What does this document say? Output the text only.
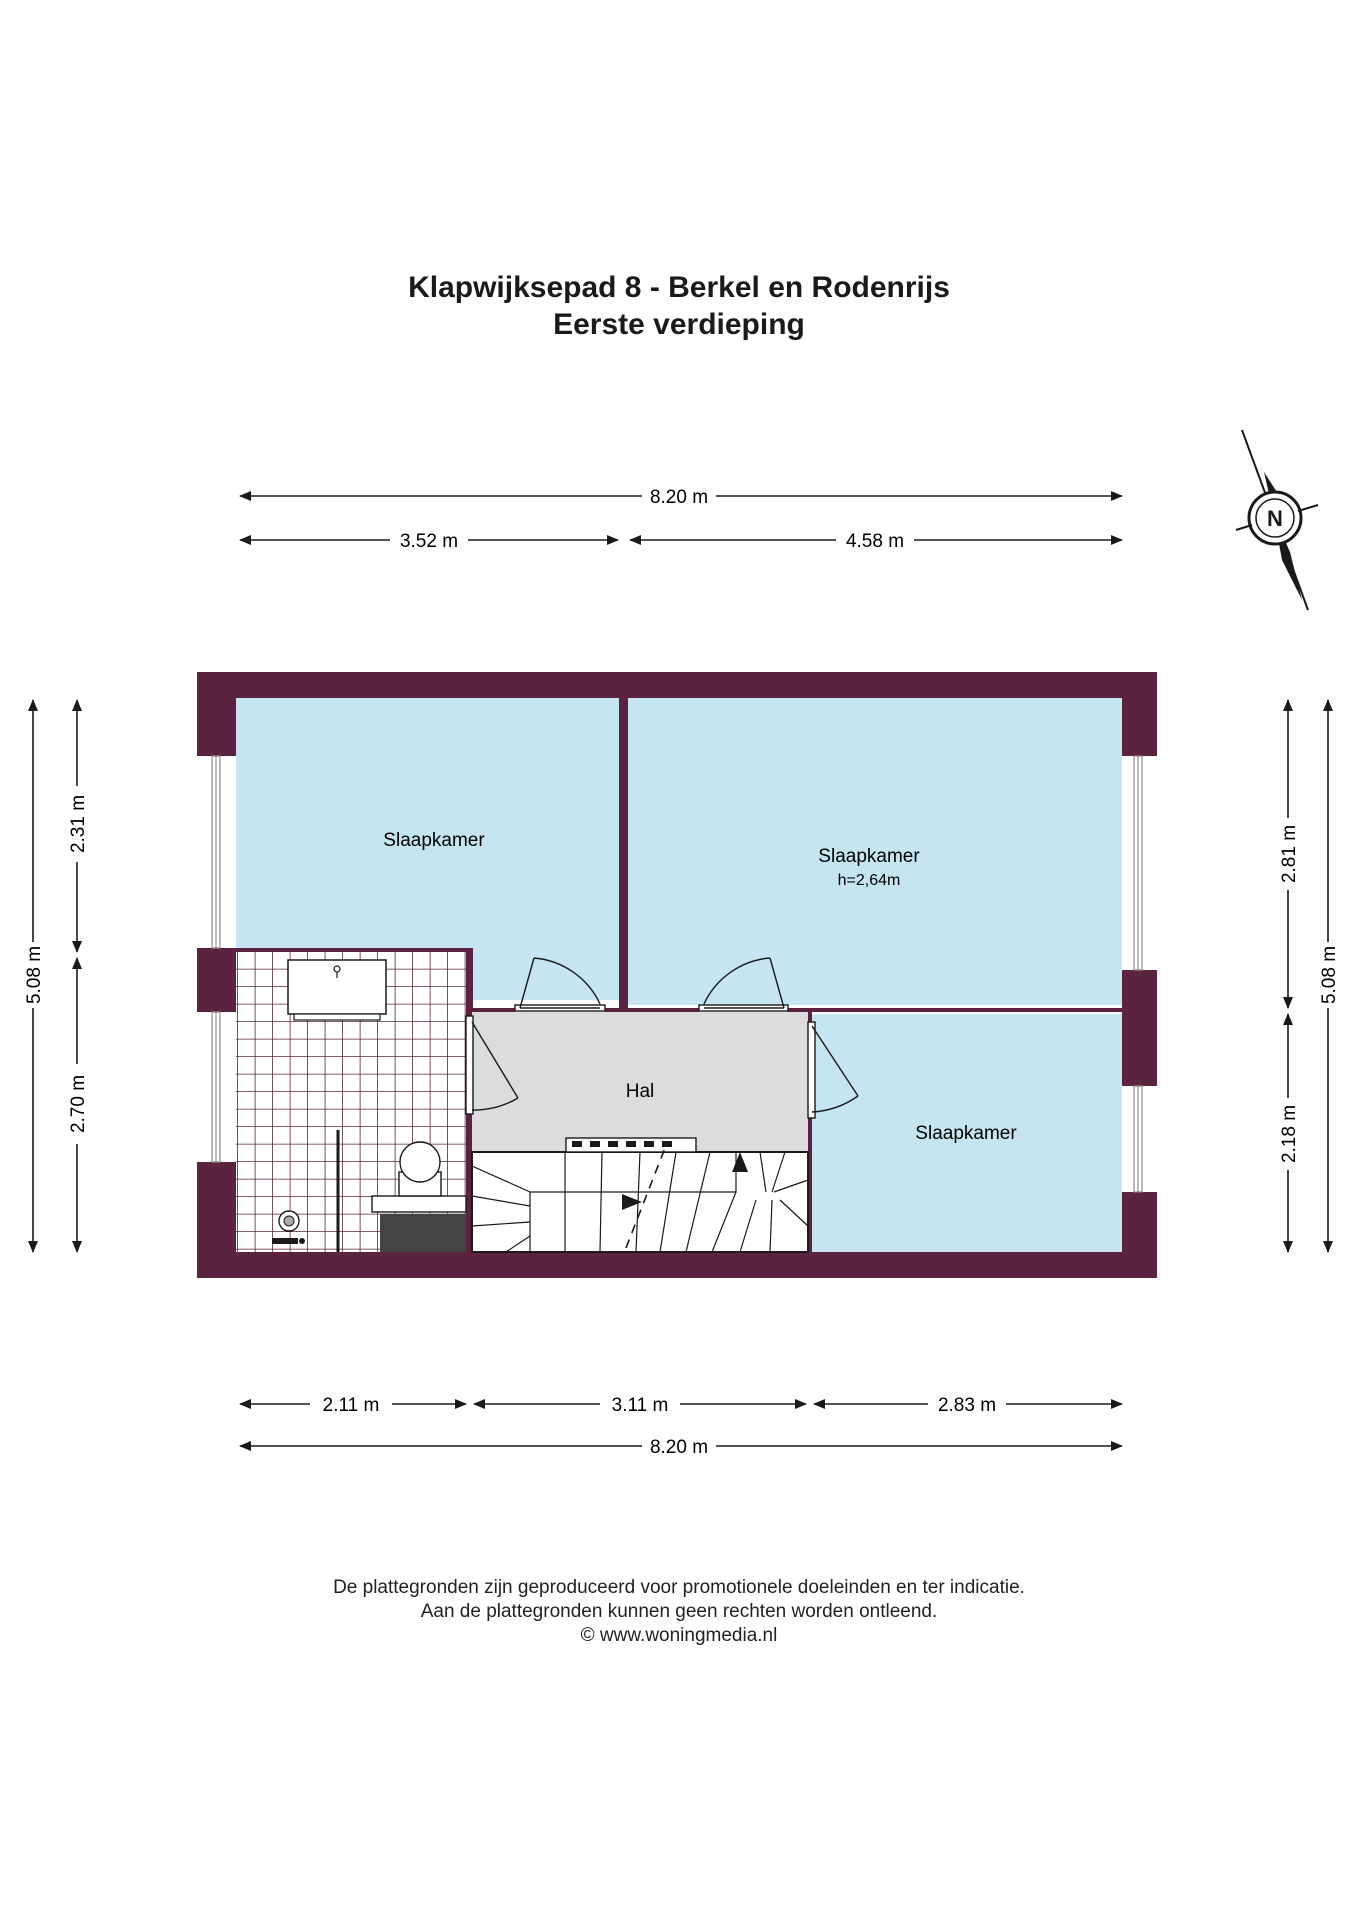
Klapwijksepad 8 - Berkel en Rodenrijs
Eerste verdieping
N
8.20 m
3.52 m	4.58 m
5.08 m
2.31 m
2.70 m
2.81 m
2.18 m
5.08 m
Slaapkamer
Slaapkamer
h=2,64m
Hal
Slaapkamer
2.11 m	3.11 m	2.83 m
8.20 m
De plattegronden zijn geproduceerd voor promotionele doeleinden en ter indicatie.
Aan de plattegronden kunnen geen rechten worden ontleend.
© www.woningmedia.nl
